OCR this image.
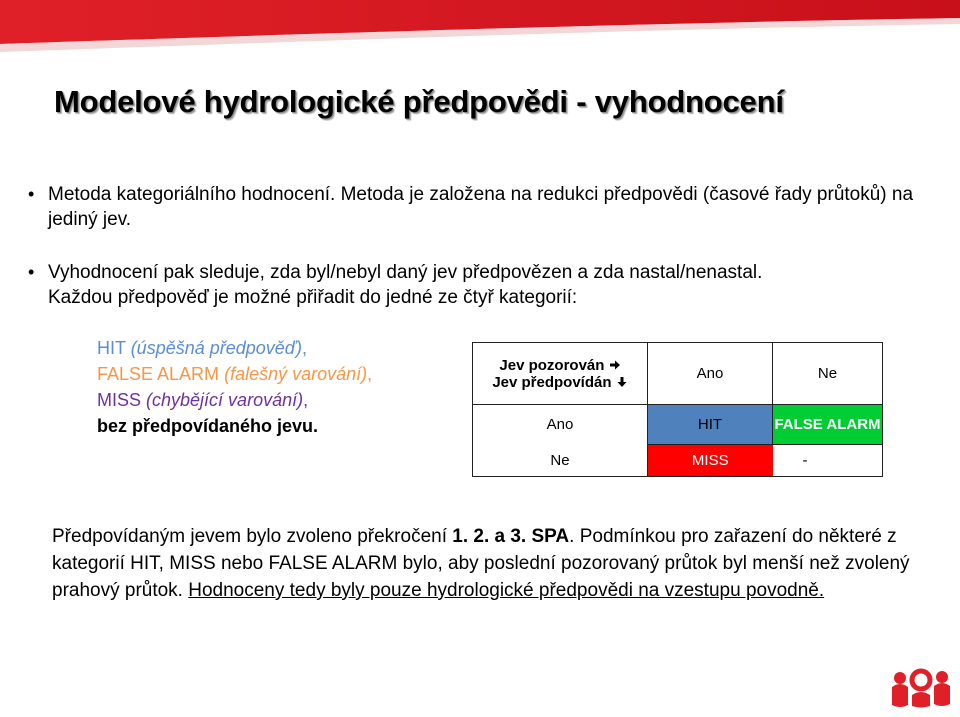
Modelové hydrologické předpovědi - vyhodnocení
• Metoda kategoriálního hodnocení. Metoda je založena na redukci předpovědi (časové řady průtoků) na jediný jev.
• Vyhodnocení pak sleduje, zda byl/nebyl daný jev předpovězen a zda nastal/nenastal.
Každou předpověď je možné přiřadit do jedné ze čtyř kategorií:
HIT (úspěšná předpověď),
FALSE ALARM (falešný varování),
MISS (chybějící varování),
bez předpovídaného jevu.
Jev pozorován
Jev předpovídán	Ano	Ne
Ano	HIT	FALSE ALARM
Ne	MISS	-

Předpovídaným jevem bylo zvoleno překročení 1. 2. a 3. SPA. Podmínkou pro zařazení do některé z kategorií HIT, MISS nebo FALSE ALARM bylo, aby poslední pozorovaný průtok byl menší než zvolený prahový průtok. Hodnoceny tedy byly pouze hydrologické předpovědi na vzestupu povodně.
